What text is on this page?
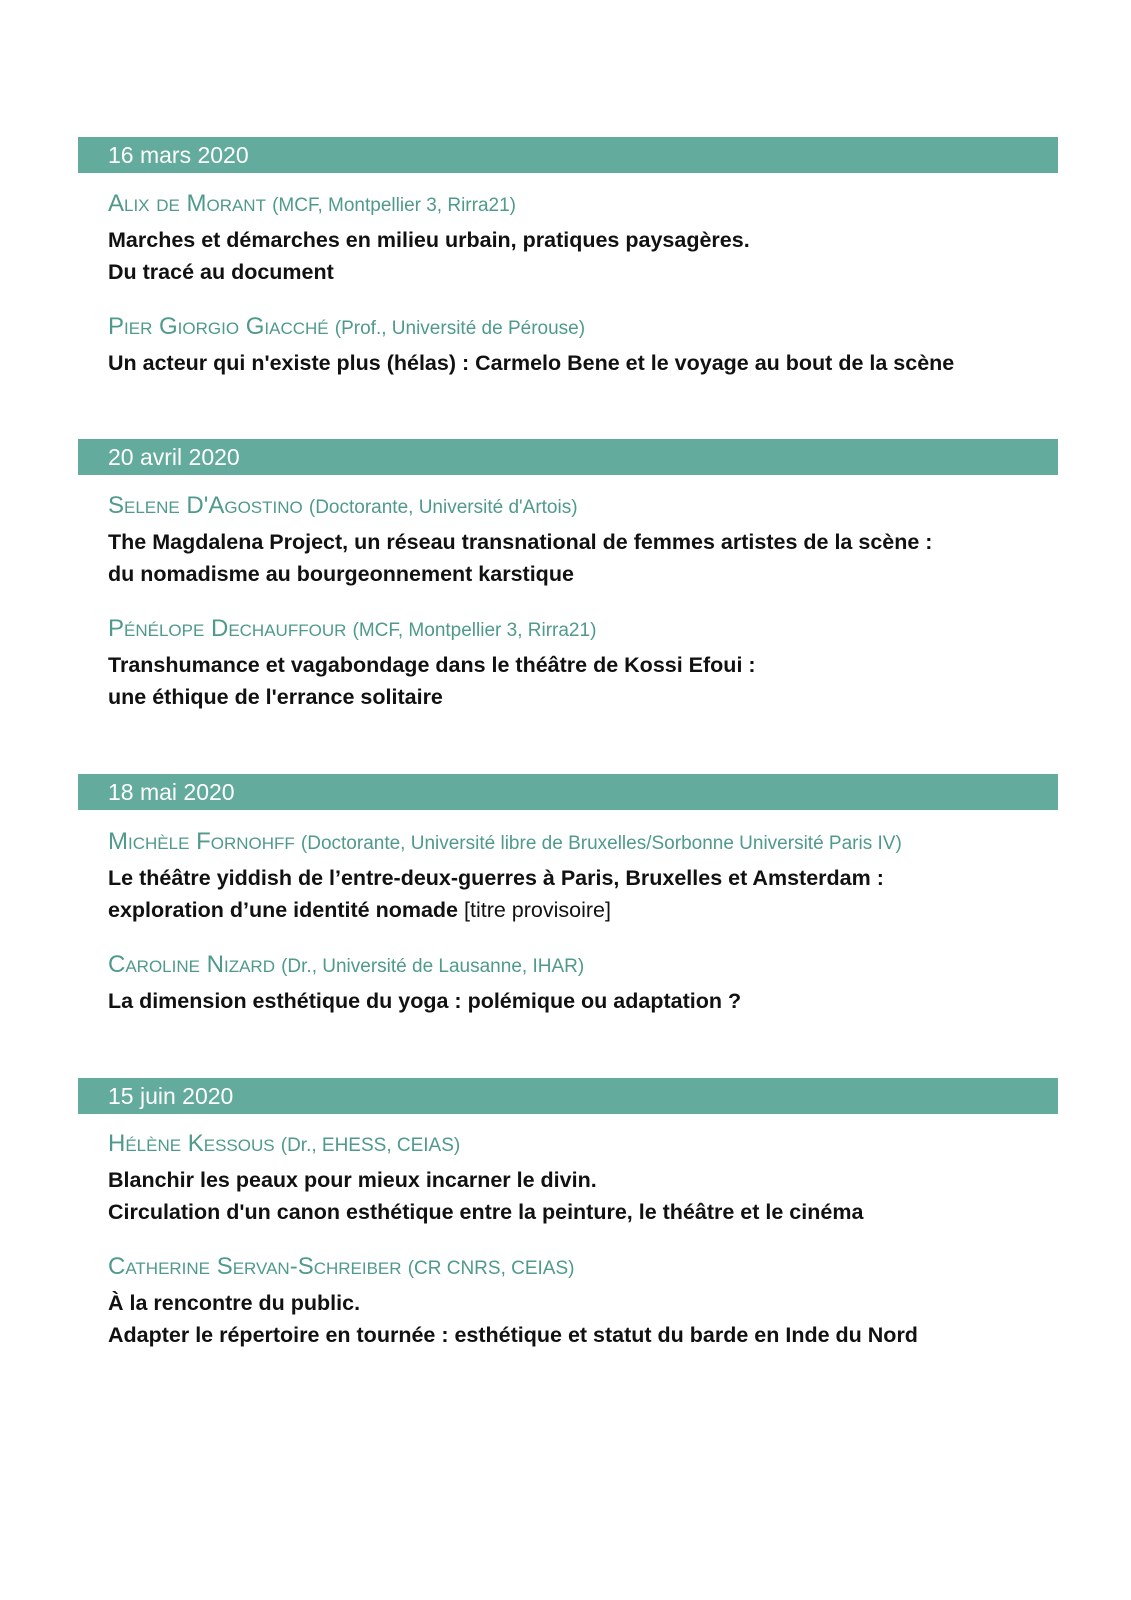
16 mars 2020
Alix de Morant (MCF, Montpellier 3, Rirra21)
Marches et démarches en milieu urbain, pratiques paysagères.
Du tracé au document
Pier Giorgio Giacché (Prof., Université de Pérouse)
Un acteur qui n'existe plus (hélas) : Carmelo Bene et le voyage au bout de la scène
20 avril 2020
Selene D'Agostino (Doctorante, Université d'Artois)
The Magdalena Project, un réseau transnational de femmes artistes de la scène :
du nomadisme au bourgeonnement karstique
Pénélope Dechauffour (MCF, Montpellier 3, Rirra21)
Transhumance et vagabondage dans le théâtre de Kossi Efoui :
une éthique de l'errance solitaire
18 mai 2020
Michèle Fornohff (Doctorante, Université libre de Bruxelles/Sorbonne Université Paris IV)
Le théâtre yiddish de l’entre-deux-guerres à Paris, Bruxelles et Amsterdam :
exploration d’une identité nomade [titre provisoire]
Caroline Nizard (Dr., Université de Lausanne, IHAR)
La dimension esthétique du yoga : polémique ou adaptation ?
15 juin 2020
Hélène Kessous (Dr., EHESS, CEIAS)
Blanchir les peaux pour mieux incarner le divin.
Circulation d'un canon esthétique entre la peinture, le théâtre et le cinéma
Catherine Servan-Schreiber (CR CNRS, CEIAS)
À la rencontre du public.
Adapter le répertoire en tournée : esthétique et statut du barde en Inde du Nord
